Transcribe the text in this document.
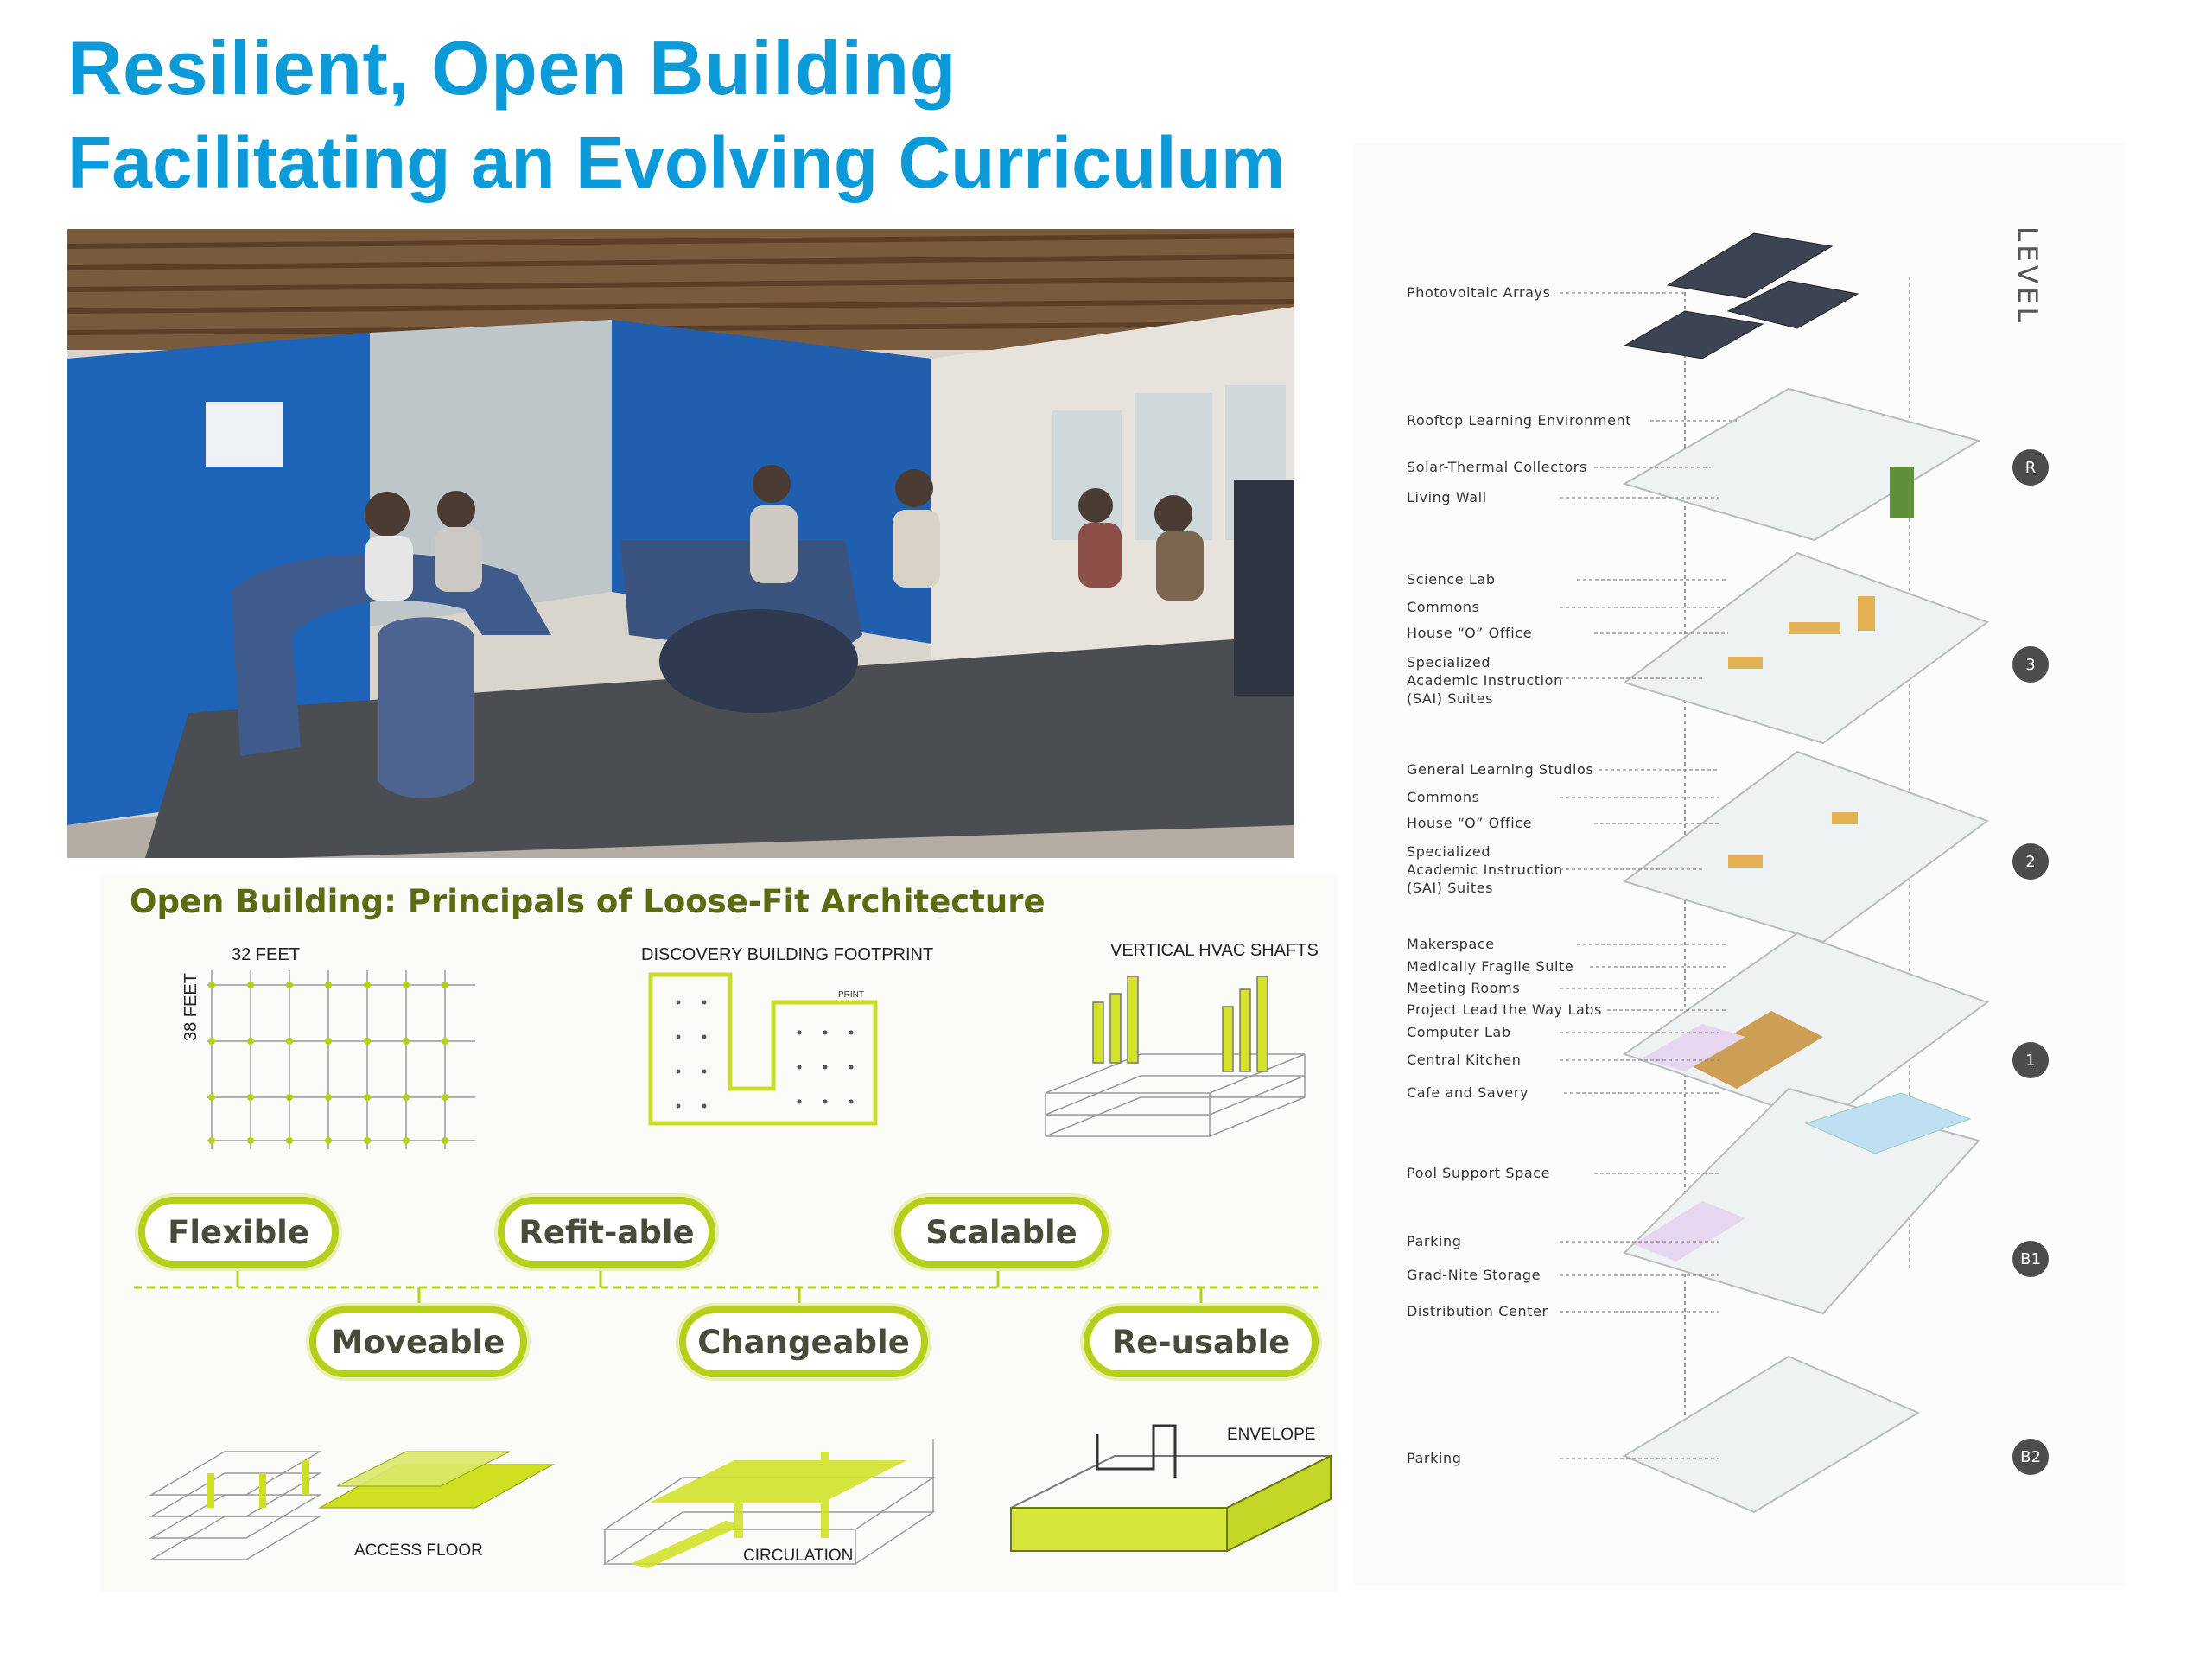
Resilient, Open Building
Facilitating an Evolving Curriculum
Open Building: Principals of Loose-Fit Architecture
32 FEET
38 FEET
DISCOVERY BUILDING FOOTPRINT
PRINT
VERTICAL HVAC SHAFTS
Flexible	Refit-able	Scalable
Moveable	Changeable	Re-usable
ACCESS FLOOR	CIRCULATION
ENVELOPE
LEVEL
Photovoltaic Arrays
Rooftop Learning Environment
Solar-Thermal Collectors
Living Wall
Science Lab
Commons
House “O” Office
Specialized
Academic Instruction
(SAI) Suites
General Learning Studios
Commons
House “O” Office
Specialized
Academic Instruction
(SAI) Suites
Makerspace
Medically Fragile Suite
Meeting Rooms
Project Lead the Way Labs
Computer Lab
Central Kitchen
Cafe and Savery
Pool Support Space
Parking
Grad-Nite Storage
Distribution Center
Parking
R
3
2
1
B1
B2
